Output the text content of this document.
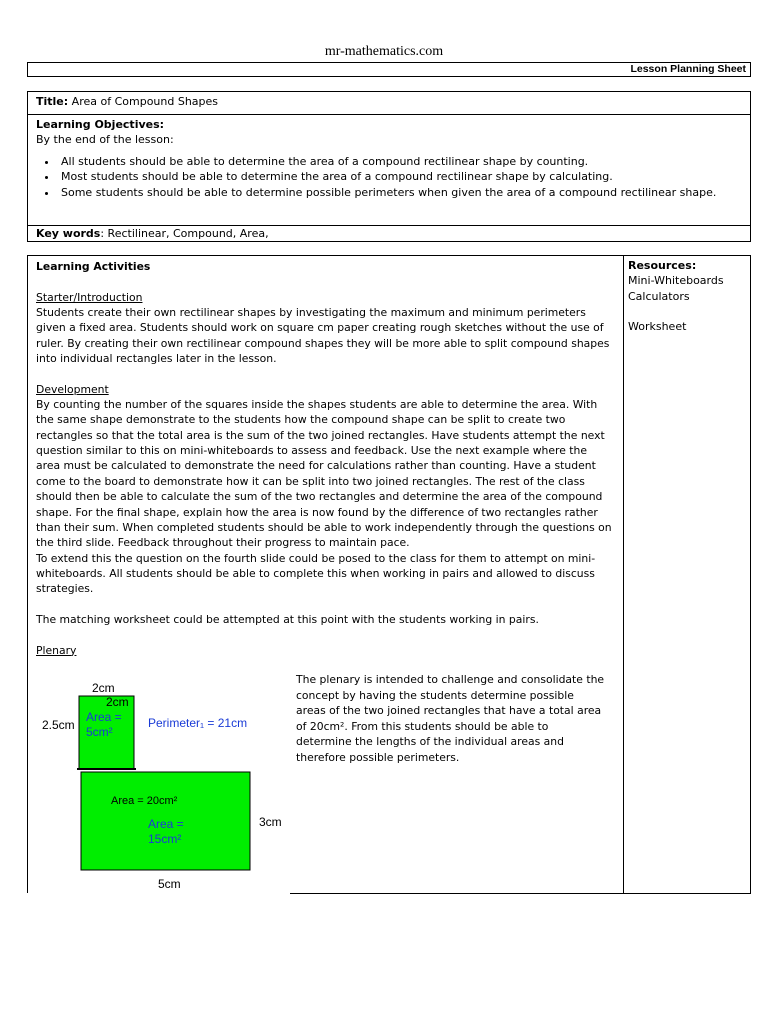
mr-mathematics.com
Lesson Planning Sheet
Title: Area of Compound Shapes
Learning Objectives:
By the end of the lesson:
• All students should be able to determine the area of a compound rectilinear shape by counting.
• Most students should be able to determine the area of a compound rectilinear shape by calculating.
• Some students should be able to determine possible perimeters when given the area of a compound rectilinear shape.
Key words: Rectilinear, Compound, Area,

Learning Activities

Starter/Introduction

Students create their own rectilinear shapes by investigating the maximum and minimum perimeters given a fixed area. Students should work on square cm paper creating rough sketches without the use of ruler. By creating their own rectilinear compound shapes they will be more able to split compound shapes into individual rectangles later in the lesson.

Development

By counting the number of the squares inside the shapes students are able to determine the area. With the same shape demonstrate to the students how the compound shape can be split to create two rectangles so that the total area is the sum of the two joined rectangles. Have students attempt the next question similar to this on mini-whiteboards to assess and feedback. Use the next example where the area must be calculated to demonstrate the need for calculations rather than counting. Have a student come to the board to demonstrate how it can be split into two joined rectangles. The rest of the class should then be able to calculate the sum of the two rectangles and determine the area of the compound shape. For the final shape, explain how the area is now found by the difference of two rectangles rather than their sum. When completed students should be able to work independently through the questions on the third slide. Feedback throughout their progress to maintain pace.

To extend this the question on the fourth slide could be posed to the class for them to attempt on mini-whiteboards. All students should be able to complete this when working in pairs and allowed to discuss strategies.

The matching worksheet could be attempted at this point with the students working in pairs.

Plenary

The plenary is intended to challenge and consolidate the concept by having the students determine possible areas of the two joined rectangles that have a total area of 20cm². From this students should be able to determine the lengths of the individual areas and therefore possible perimeters.
2cm
2cm
2.5cm
Area =
5cm²
Perimeter₁ = 21cm
Area = 20cm²
Area =
15cm²
3cm
5cm
Resources:
Mini-Whiteboards
Calculators
Worksheet
